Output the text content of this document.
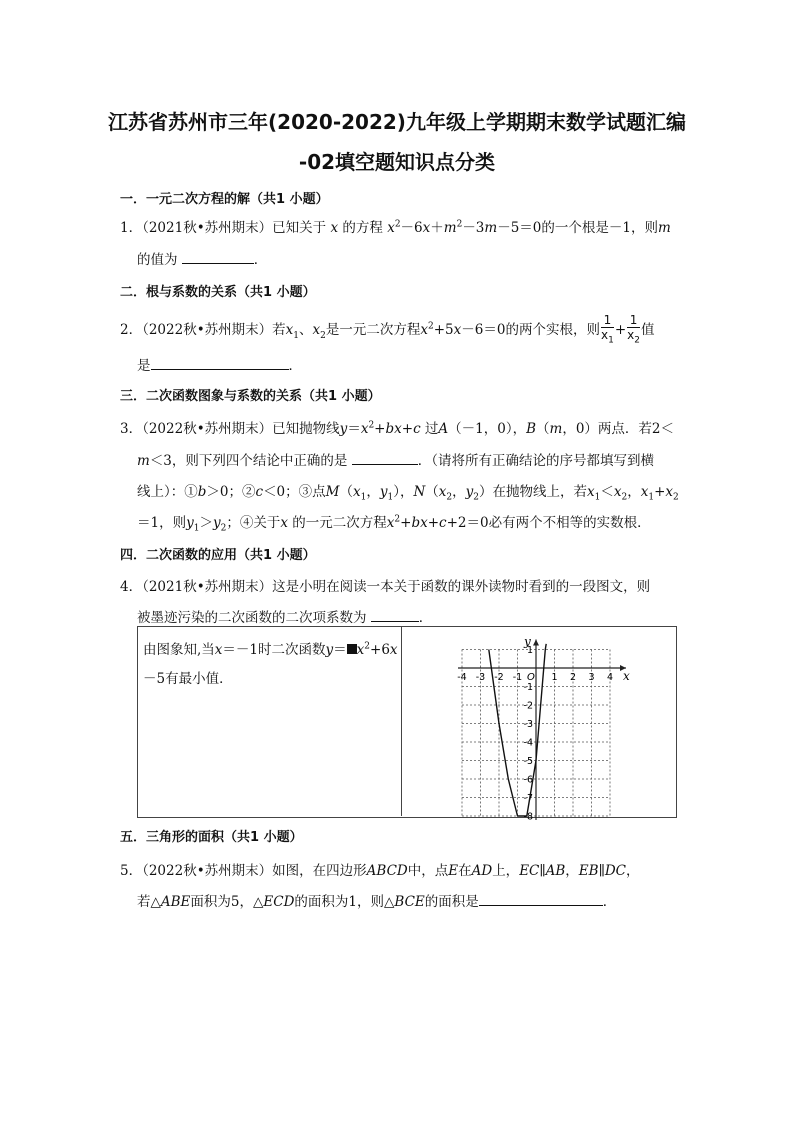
江苏省苏州市三年(2020-2022)九年级上学期期末数学试题汇编
-02填空题知识点分类
一．一元二次方程的解（共1 小题）
1．（2021秋•苏州期末）已知关于 x 的方程 $x^2-6x+m^2-3m-5=0$的一个根是－1，则m
的值为	．
二．根与系数的关系（共1 小题）
2．（2022秋•苏州期末）若$x_1$、$x_2$是一元二次方程$x^2+5x-6=0$的两个实根，则 $\frac{1}{x_1} + \frac{1}{x_2}$ 值
是	．
三．二次函数图象与系数的关系（共1 小题）
3．（2022秋•苏州期末）已知抛物线$y=x^2+bx+c$ 过A（－1，0），B（m，0）两点．若2＜
m＜3，则下列四个结论中正确的是	．（请将所有正确结论的序号都填写到横
线上）：①b＞0；②c＜0；③点$M(x_1$，$y_1$），$N(x_2$，$y_2$）在抛物线上，若$x_1<x_2$，$x_1+x_2$
＝1，则$y_1>y_2$；④关于x 的一元二次方程$x^2+bx+c+2=0$必有两个不相等的实数根．
四．二次函数的应用（共1 小题）
4．（2021秋•苏州期末）这是小明在阅读一本关于函数的课外读物时看到的一段图文，则
被墨迹污染的二次函数的二次项系数为	．
由图象知,当x＝－1时二次函数$y= x^2+6x$
－5有最小值．	x
y
O
-4 -3 -2 -1	1 2 3 4
1
-1
-2
-3
-4
-5
-6
-7
-8
五．三角形的面积（共1 小题）
5．（2022秋•苏州期末）如图，在四边形ABCD中，点E在AD上，EC∥AB，EB∥DC，
若△ABE面积为5，△ECD的面积为1，则△BCE的面积是	．
